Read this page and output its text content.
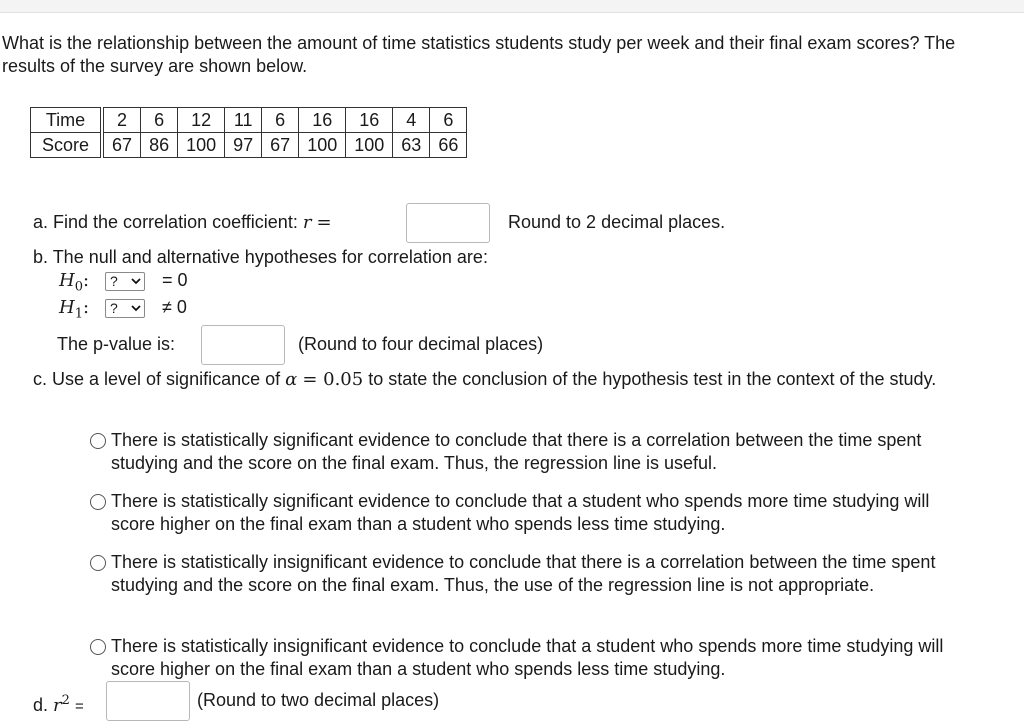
What is the relationship between the amount of time statistics students study per week and their final exam scores? The results of the survey are shown below.
Time	2	6	12	11	6	16	16	4	6
Score	67	86	100	97	67	100	100	63	66
a. Find the correlation coefficient: r =	Round to 2 decimal places.
b. The null and alternative hypotheses for correlation are:
$H_0$:	?	= 0
$H_1$:	?	≠ 0
The p-value is:	(Round to four decimal places)
c. Use a level of significance of α = 0.05 to state the conclusion of the hypothesis test in the context of the study.
There is statistically significant evidence to conclude that there is a correlation between the time spent studying and the score on the final exam. Thus, the regression line is useful.
There is statistically significant evidence to conclude that a student who spends more time studying will score higher on the final exam than a student who spends less time studying.
There is statistically insignificant evidence to conclude that there is a correlation between the time spent studying and the score on the final exam. Thus, the use of the regression line is not appropriate.
There is statistically insignificant evidence to conclude that a student who spends more time studying will score higher on the final exam than a student who spends less time studying.
d. $r^2$ =	(Round to two decimal places)
